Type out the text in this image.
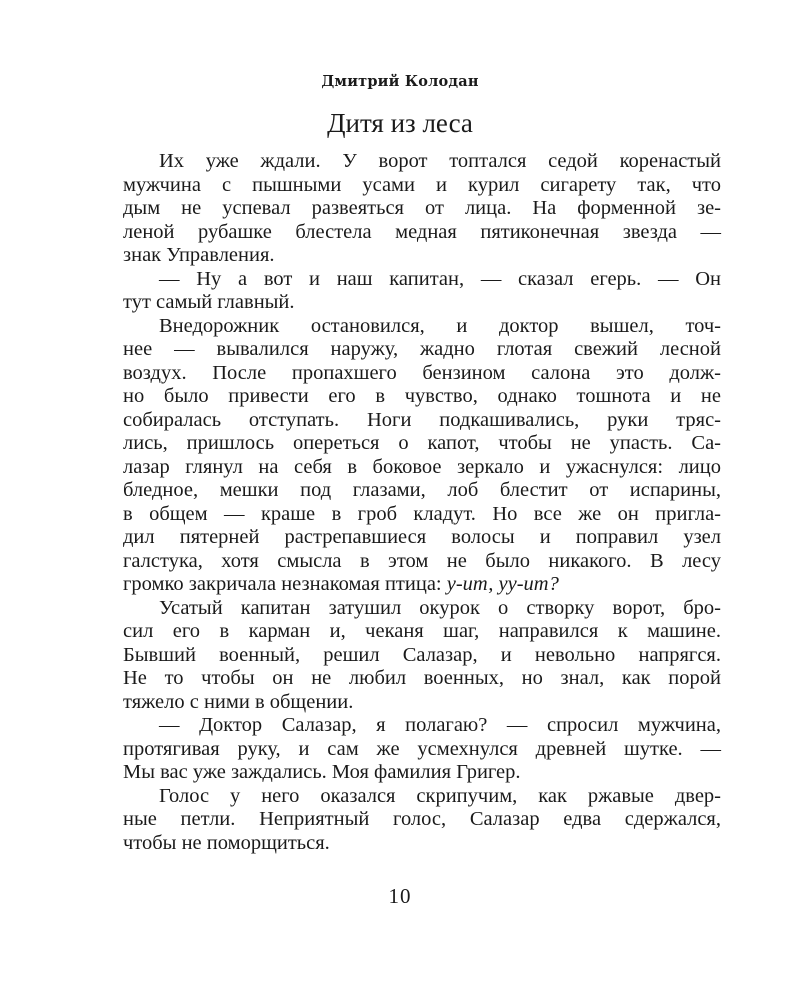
Дмитрий Колодан
Дитя из леса
Их уже ждали. У ворот топтался седой коренастый
мужчина с пышными усами и курил сигарету так, что
дым не успевал развеяться от лица. На форменной зе-
леной рубашке блестела медная пятиконечная звезда —
знак Управления.
— Ну а вот и наш капитан, — сказал егерь. — Он
тут самый главный.
Внедорожник остановился, и доктор вышел, точ-
нее — вывалился наружу, жадно глотая свежий лесной
воздух. После пропахшего бензином салона это долж-
но было привести его в чувство, однако тошнота и не
собиралась отступать. Ноги подкашивались, руки тряс-
лись, пришлось опереться о капот, чтобы не упасть. Са-
лазар глянул на себя в боковое зеркало и ужаснулся: лицо
бледное, мешки под глазами, лоб блестит от испарины,
в общем — краше в гроб кладут. Но все же он пригла-
дил пятерней растрепавшиеся волосы и поправил узел
галстука, хотя смысла в этом не было никакого. В лесу
громко закричала незнакомая птица: у-ит, уу-ит?
Усатый капитан затушил окурок о створку ворот, бро-
сил его в карман и, чеканя шаг, направился к машине.
Бывший военный, решил Салазар, и невольно напрягся.
Не то чтобы он не любил военных, но знал, как порой
тяжело с ними в общении.
— Доктор Салазар, я полагаю? — спросил мужчина,
протягивая руку, и сам же усмехнулся древней шутке. —
Мы вас уже заждались. Моя фамилия Григер.
Голос у него оказался скрипучим, как ржавые двер-
ные петли. Неприятный голос, Салазар едва сдержался,
чтобы не поморщиться.
10
